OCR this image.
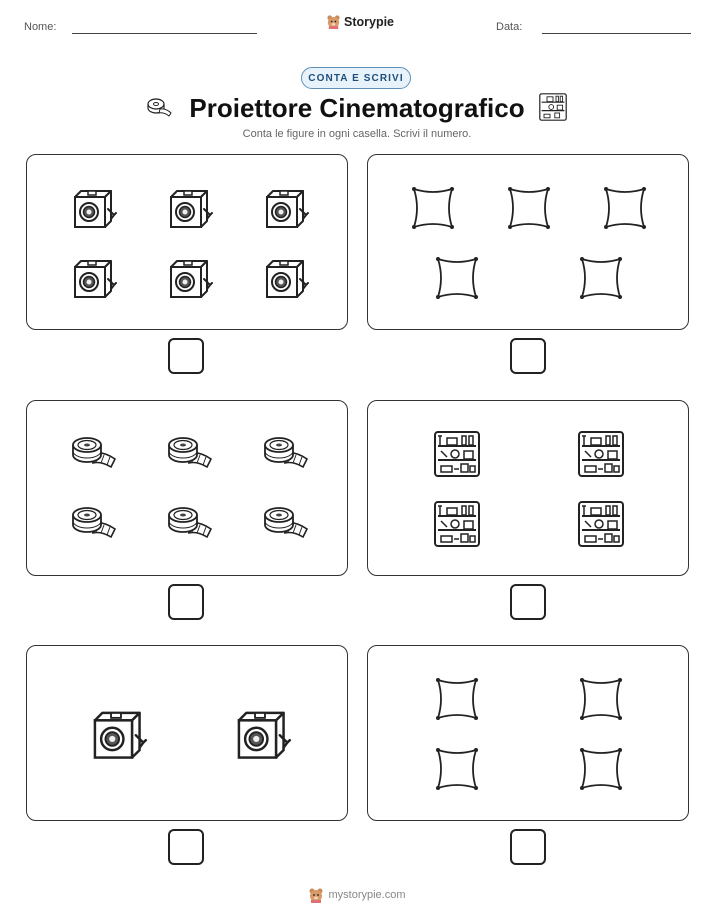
Nome:	Storypie	Data:
CONTA E SCRIVI
Proiettore Cinematografico
Conta le figure in ogni casella. Scrivi il numero.
mystorypie.com
